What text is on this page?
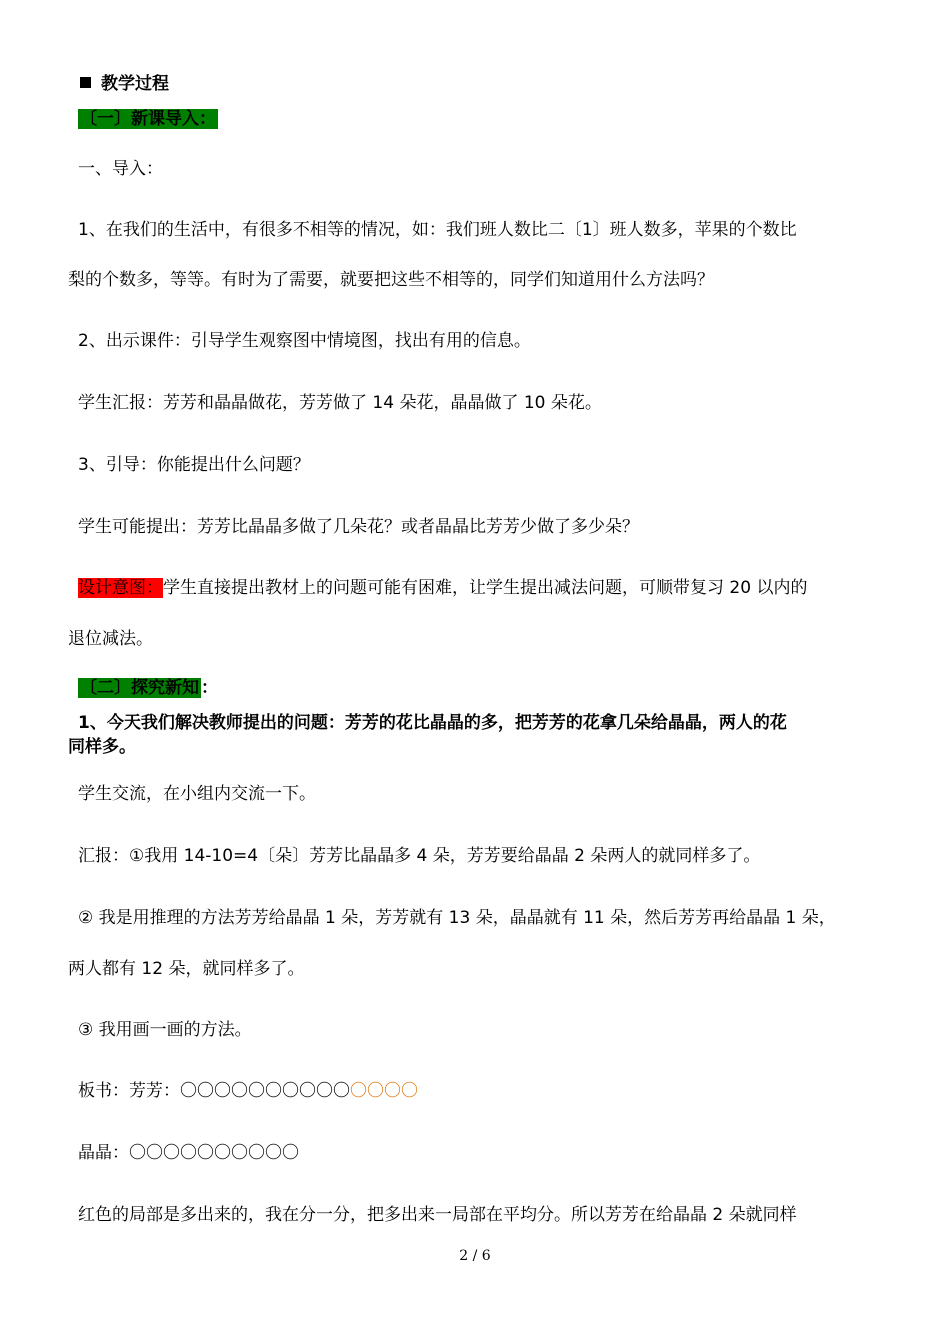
教学过程
〔一〕新课导入：
一、导入：
1、在我们的生活中，有很多不相等的情况，如：我们班人数比二〔1〕班人数多，苹果的个数比
梨的个数多，等等。有时为了需要，就要把这些不相等的，同学们知道用什么方法吗？
2、出示课件：引导学生观察图中情境图，找出有用的信息。
学生汇报：芳芳和晶晶做花，芳芳做了 14 朵花，晶晶做了 10 朵花。
3、引导：你能提出什么问题？
学生可能提出：芳芳比晶晶多做了几朵花？或者晶晶比芳芳少做了多少朵？
设计意图：学生直接提出教材上的问题可能有困难，让学生提出减法问题，可顺带复习 20 以内的
退位减法。
〔二〕探究新知 ：
1、今天我们解决教师提出的问题：芳芳的花比晶晶的多，把芳芳的花拿几朵给晶晶，两人的花
同样多。
学生交流，在小组内交流一下。
汇报：①我用 14-10=4〔朵〕芳芳比晶晶多 4 朵，芳芳要给晶晶 2 朵两人的就同样多了。
② 我是用推理的方法芳芳给晶晶 1 朵，芳芳就有 13 朵，晶晶就有 11 朵，然后芳芳再给晶晶 1 朵，
两人都有 12 朵，就同样多了。
③ 我用画一画的方法。
板书：芳芳：〇〇〇〇〇〇〇〇〇〇〇〇〇〇
晶晶：〇〇〇〇〇〇〇〇〇〇
红色的局部是多出来的，我在分一分，把多出来一局部在平均分。所以芳芳在给晶晶 2 朵就同样
2 / 6
